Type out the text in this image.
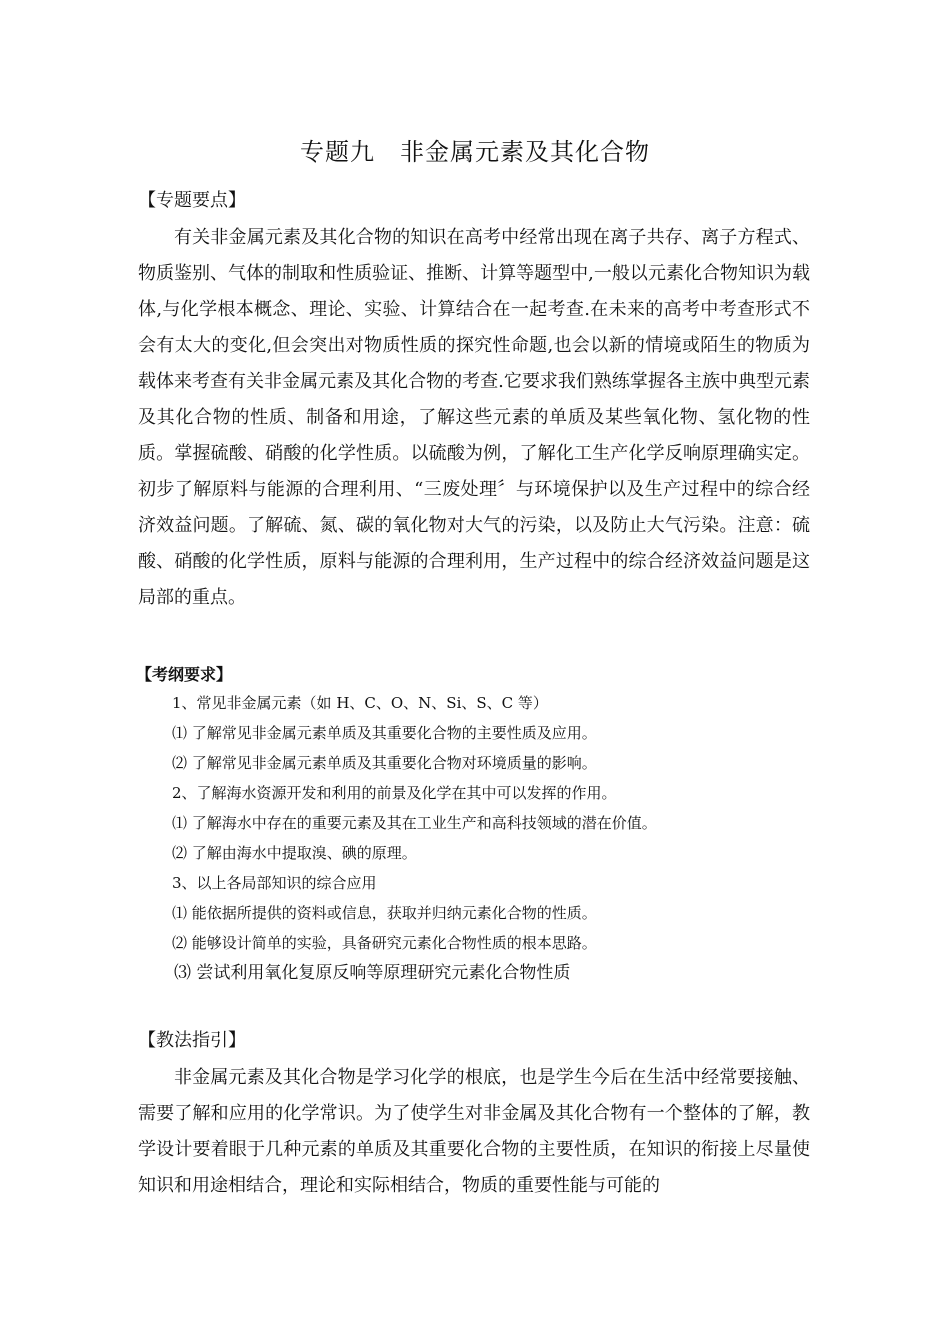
专题九　非金属元素及其化合物
【专题要点】

有关非金属元素及其化合物的知识在高考中经常出现在离子共存、离子方程式、物质鉴别、气体的制取和性质验证、推断、计算等题型中,一般以元素化合物知识为载体,与化学根本概念、理论、实验、计算结合在一起考查.在未来的高考中考查形式不会有太大的变化,但会突出对物质性质的探究性命题,也会以新的情境或陌生的物质为载体来考查有关非金属元素及其化合物的考查.它要求我们熟练掌握各主族中典型元素及其化合物的性质、制备和用途，了解这些元素的单质及某些氧化物、氢化物的性质。掌握硫酸、硝酸的化学性质。以硫酸为例，了解化工生产化学反响原理确实定。初步了解原料与能源的合理利用、“三废处理〞与环境保护以及生产过程中的综合经济效益问题。了解硫、氮、碳的氧化物对大气的污染，以及防止大气污染。注意：硫酸、硝酸的化学性质，原料与能源的合理利用，生产过程中的综合经济效益问题是这局部的重点。

【考纲要求】
1、常见非金属元素（如 H、C、O、N、Si、S、C 等）
⑴ 了解常见非金属元素单质及其重要化合物的主要性质及应用。
⑵ 了解常见非金属元素单质及其重要化合物对环境质量的影响。
2、了解海水资源开发和利用的前景及化学在其中可以发挥的作用。
⑴ 了解海水中存在的重要元素及其在工业生产和高科技领域的潜在价值。
⑵ 了解由海水中提取溴、碘的原理。
3、以上各局部知识的综合应用
⑴ 能依据所提供的资料或信息，获取并归纳元素化合物的性质。
⑵ 能够设计简单的实验，具备研究元素化合物性质的根本思路。
⑶ 尝试利用氧化复原反响等原理研究元素化合物性质
【教法指引】

非金属元素及其化合物是学习化学的根底，也是学生今后在生活中经常要接触、需要了解和应用的化学常识。为了使学生对非金属及其化合物有一个整体的了解，教学设计要着眼于几种元素的单质及其重要化合物的主要性质，在知识的衔接上尽量使知识和用途相结合，理论和实际相结合，物质的重要性能与可能的
